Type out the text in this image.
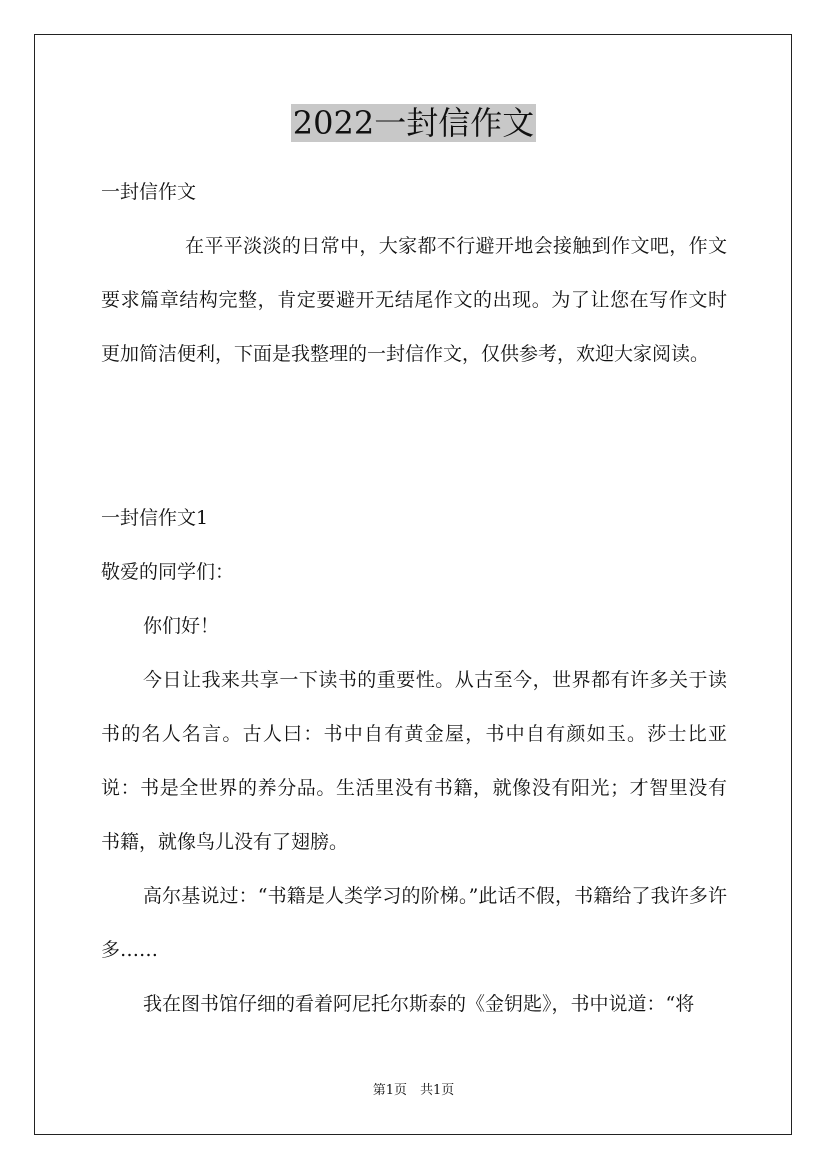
2022一封信作文

一封信作文

在平平淡淡的日常中，大家都不行避开地会接触到作文吧，作文要求篇章结构完整，肯定要避开无结尾作文的出现。为了让您在写作文时更加简洁便利，下面是我整理的一封信作文，仅供参考，欢迎大家阅读。

一封信作文1

敬爱的同学们：

你们好！

今日让我来共享一下读书的重要性。从古至今，世界都有许多关于读书的名人名言。古人曰：书中自有黄金屋，书中自有颜如玉。莎士比亚说：书是全世界的养分品。生活里没有书籍，就像没有阳光；才智里没有书籍，就像鸟儿没有了翅膀。

高尔基说过：“书籍是人类学习的阶梯。”此话不假，书籍给了我许多许多……

我在图书馆仔细的看着阿尼托尔斯泰的《金钥匙》，书中说道：“将

第1页　共1页
